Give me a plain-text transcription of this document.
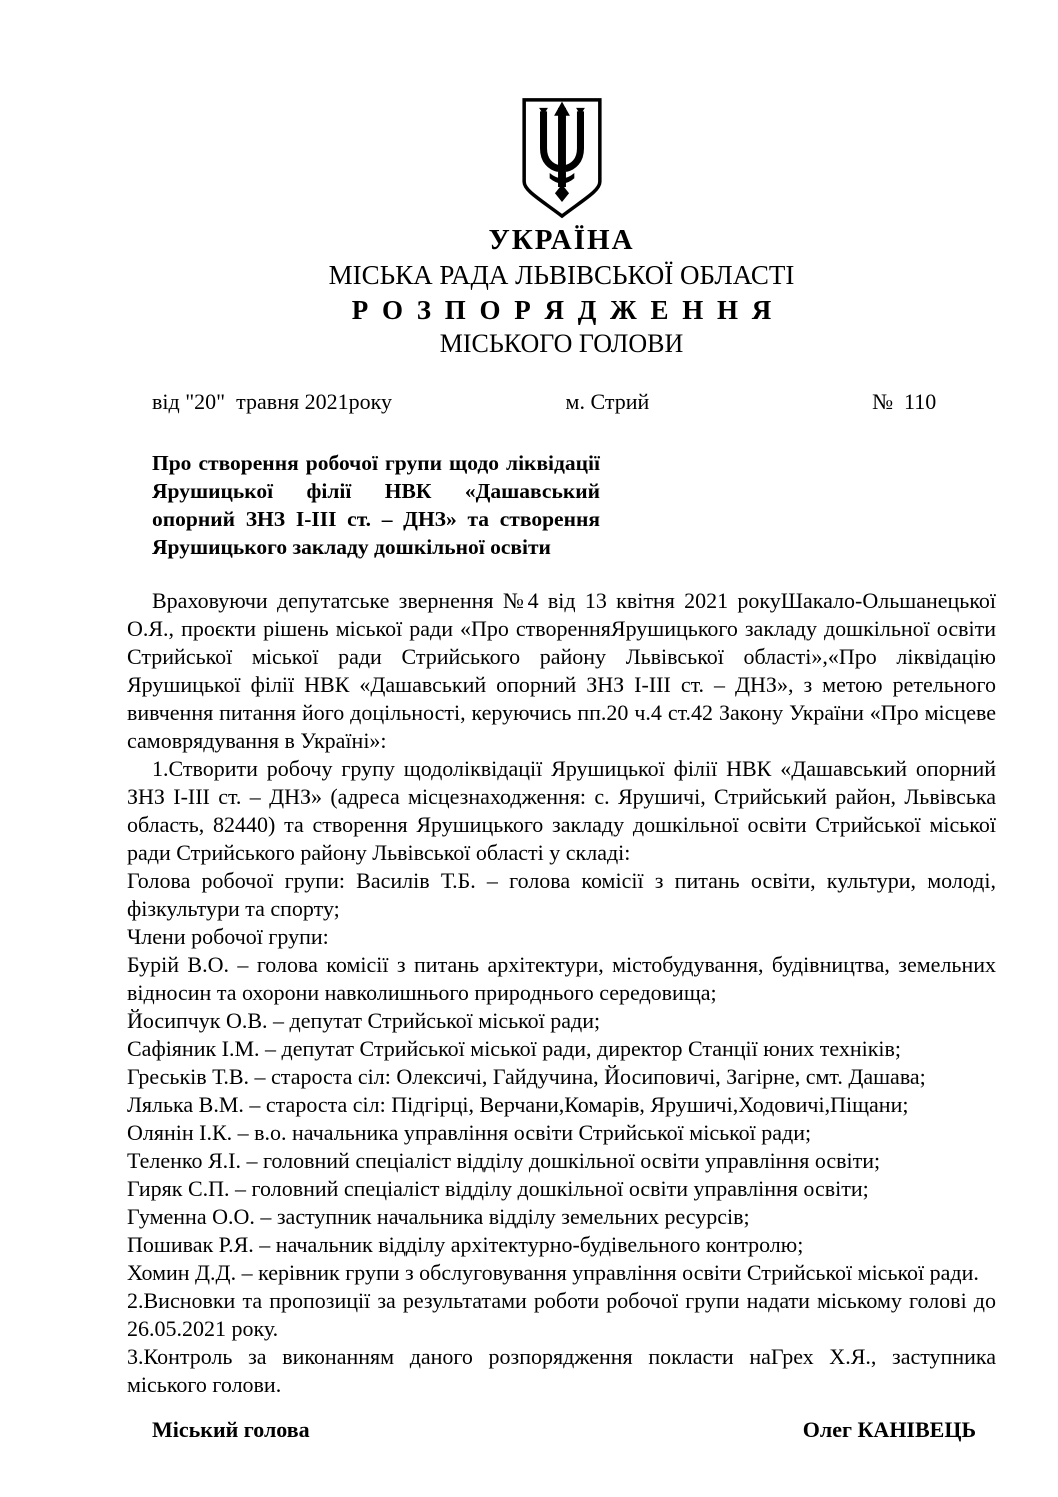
УКРАЇНА
МІСЬКА РАДА ЛЬВІВСЬКОЇ ОБЛАСТІ
Р О З П О Р Я Д Ж Е Н Н Я
МІСЬКОГО ГОЛОВИ
від "20"  травня 2021року	м. Стрий	№  110
Про створення робочої групи щодо ліквідації Ярушицької філії НВК «Дашавський опорний ЗНЗ І-ІІІ ст. – ДНЗ» та створення Ярушицького закладу дошкільної освіти

Враховуючи депутатське звернення №4 від 13 квітня 2021 рокуШакало-Ольшанецької О.Я., проєкти рішень міської ради «Про створенняЯрушицького закладу дошкільної освіти Стрийської міської ради Стрийського району Львівської області»,«Про ліквідацію Ярушицької філії НВК «Дашавський опорний ЗНЗ І-ІІІ ст. – ДНЗ», з метою ретельного вивчення питання його доцільності, керуючись пп.20 ч.4 ст.42 Закону України «Про місцеве самоврядування в Україні»:

1.Створити робочу групу щодоліквідації Ярушицької філії НВК «Дашавський опорний ЗНЗ І-ІІІ ст. – ДНЗ» (адреса місцезнаходження: с. Ярушичі, Стрийський район, Львівська область, 82440) та створення Ярушицького закладу дошкільної освіти Стрийської міської ради Стрийського району Львівської області у складі:

Голова робочої групи: Василів Т.Б. – голова комісії з питань освіти, культури, молоді, фізкультури та спорту;

Члени робочої групи:

Бурій В.О. – голова комісії з питань архітектури, містобудування, будівництва, земельних відносин та охорони навколишнього природнього середовища;

Йосипчук О.В. – депутат Стрийської міської ради;

Сафіяник І.М. – депутат Стрийської міської ради, директор Станції юних техніків;

Греськів Т.В. – староста сіл: Олексичі, Гайдучина, Йосиповичі, Загірне, смт. Дашава;

Лялька В.М. – староста сіл: Підгірці, Верчани,Комарів, Ярушичі,Ходовичі,Піщани;

Олянін І.К. – в.о. начальника управління освіти Стрийської міської ради;

Теленко Я.І. – головний спеціаліст відділу дошкільної освіти управління освіти;

Гиряк С.П. – головний спеціаліст відділу дошкільної освіти управління освіти;

Гуменна О.О. – заступник начальника відділу земельних ресурсів;

Пошивак Р.Я. – начальник відділу архітектурно-будівельного контролю;

Хомин Д.Д. – керівник групи з обслуговування управління освіти Стрийської міської ради.

2.Висновки та пропозиції за результатами роботи робочої групи надати міському голові до 26.05.2021 року.

3.Контроль за виконанням даного розпорядження покласти наГрех Х.Я., заступника міського голови.

Міський голова	Олег КАНІВЕЦЬ
